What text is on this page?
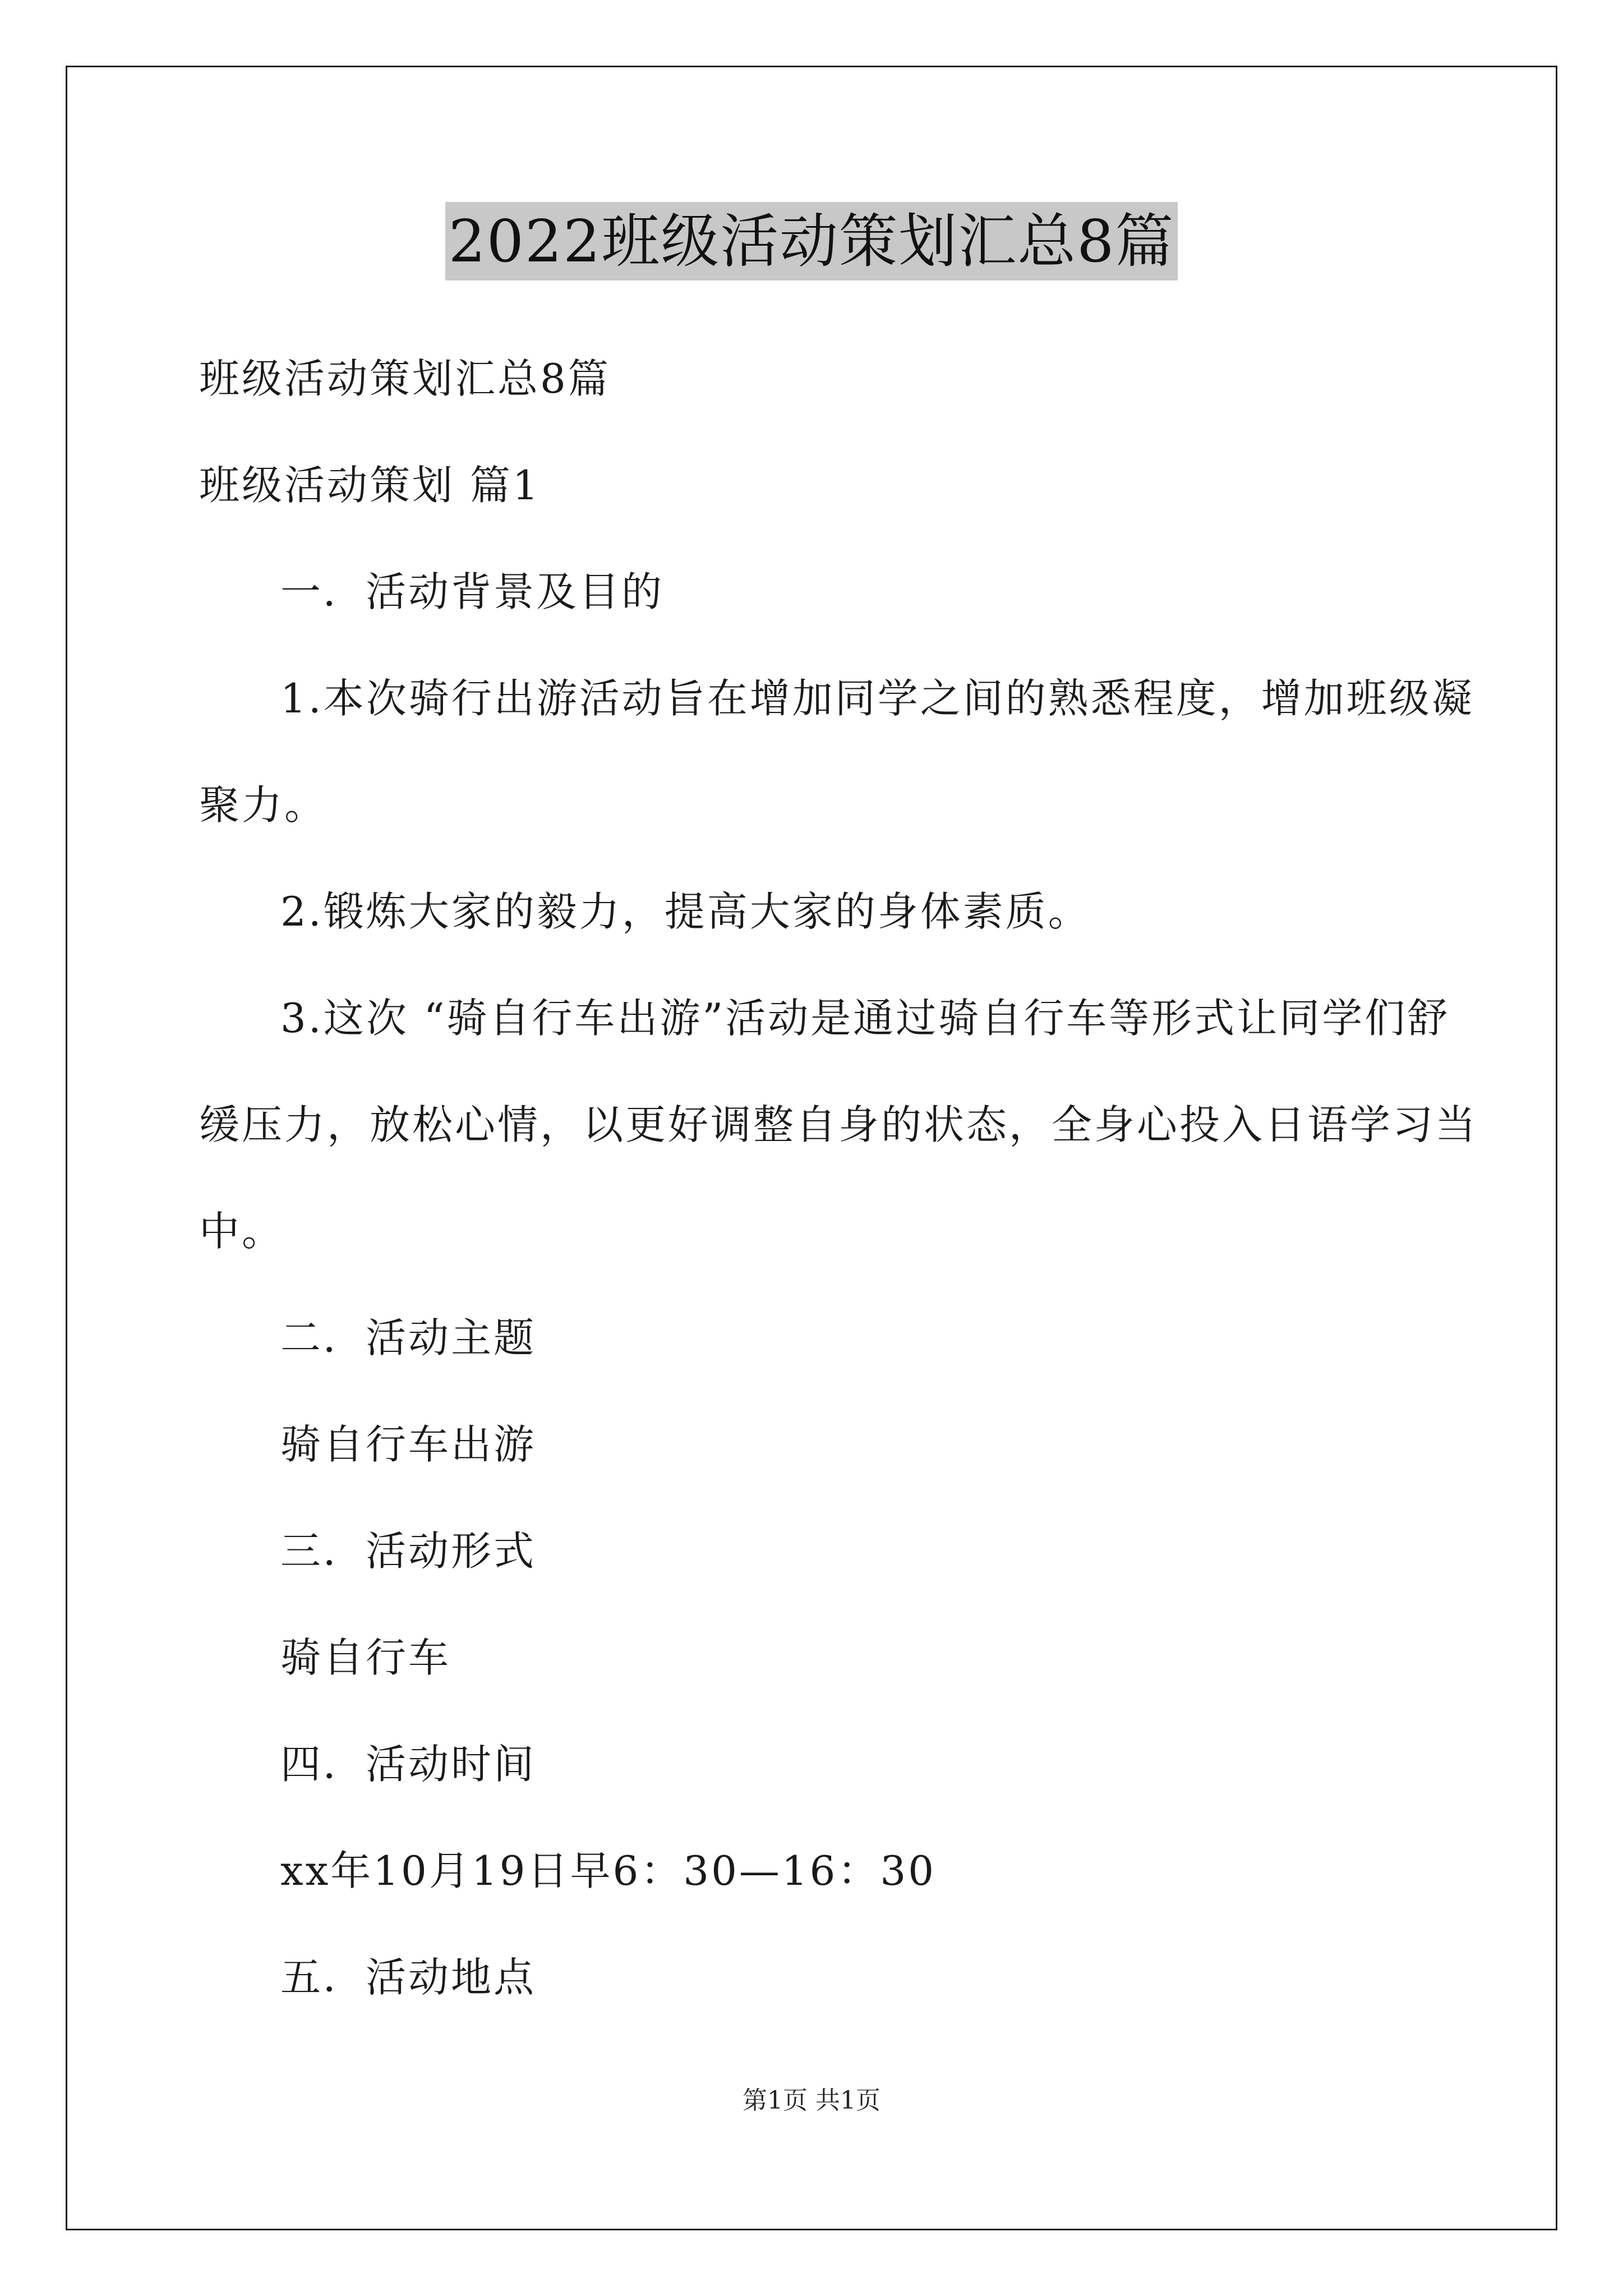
2022班级活动策划汇总8篇
班级活动策划汇总8篇
班级活动策划 篇1
一．活动背景及目的
1.本次骑行出游活动旨在增加同学之间的熟悉程度，增加班级凝
聚力。
2.锻炼大家的毅力，提高大家的身体素质。
3.这次 “骑自行车出游”活动是通过骑自行车等形式让同学们舒
缓压力，放松心情，以更好调整自身的状态，全身心投入日语学习当
中。
二．活动主题
骑自行车出游
三．活动形式
骑自行车
四．活动时间
xx年10月19日早6：30—16：30
五．活动地点
第1页 共1页
